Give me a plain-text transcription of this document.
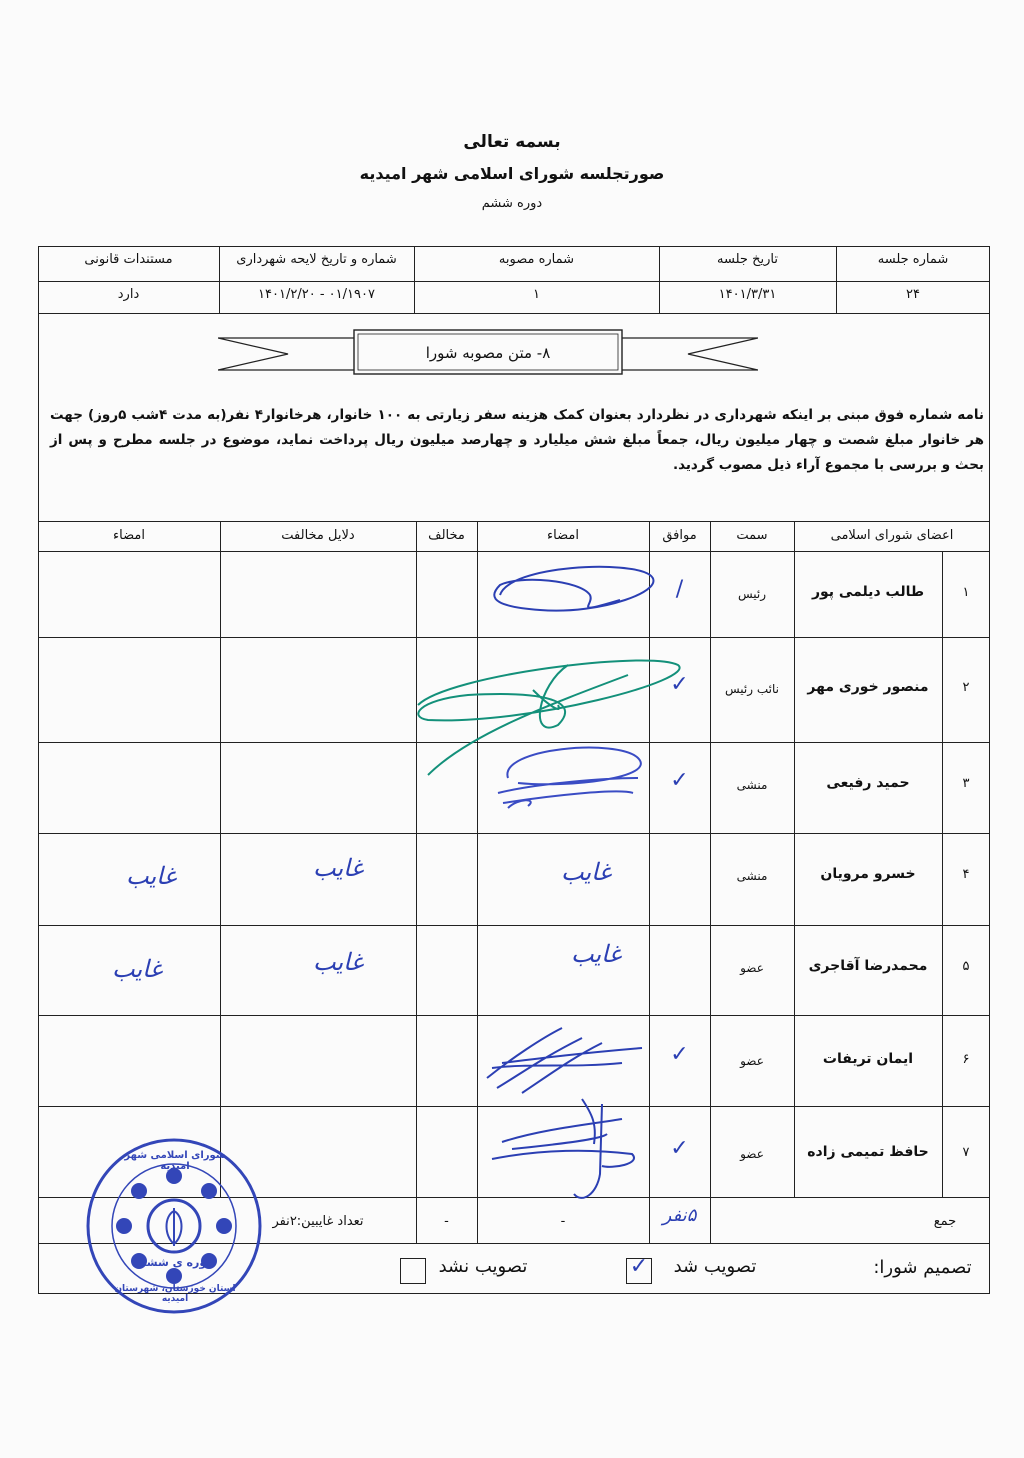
بسمه تعالی
صورتجلسه شورای اسلامی شهر امیدیه
دوره ششم
شماره جلسه
تاریخ جلسه
شماره مصوبه
شماره و تاریخ لایحه شهرداری
مستندات قانونی
۲۴
۱۴۰۱/۳/۳۱
۱
۰۱/۱۹۰۷ - ۱۴۰۱/۲/۲۰
دارد
۸- متن مصوبه شورا
نامه شماره فوق مبنی بر اینکه شهرداری در نظردارد بعنوان کمک هزینه سفر زیارتی به ۱۰۰ خانوار، هرخانوار۴ نفر(به مدت ۴شب ۵روز) جهت هر خانوار مبلغ شصت و چهار میلیون ریال، جمعاً مبلغ شش میلیارد و چهارصد میلیون ریال پرداخت نماید، موضوع در جلسه مطرح و پس از بحث و بررسی با مجموع آراء ذیل مصوب گردید.
اعضای شورای اسلامی
سمت
موافق
امضاء
مخالف
دلایل مخالفت
امضاء
۱
طالب دیلمی پور
رئیس
/
۲
منصور خوری مهر
نائب رئیس
✓
۳
حمید رفیعی
منشی
✓
۴
خسرو مرویان
منشی
غایب
غایب
غایب
۵
محمدرضا آقاجری
عضو
غایب
غایب
غایب
۶
ایمان تریفات
عضو
✓
۷
حافظ تمیمی زاده
عضو
✓
جمع
۵نفر
-
-
تعداد غایبین:۲نفر
تصمیم شورا:
تصویب شد
✓
تصویب نشد
شورای اسلامی شهر امیدیه
دوره ی ششم
استان خوزستان، شهرستان امیدیه
